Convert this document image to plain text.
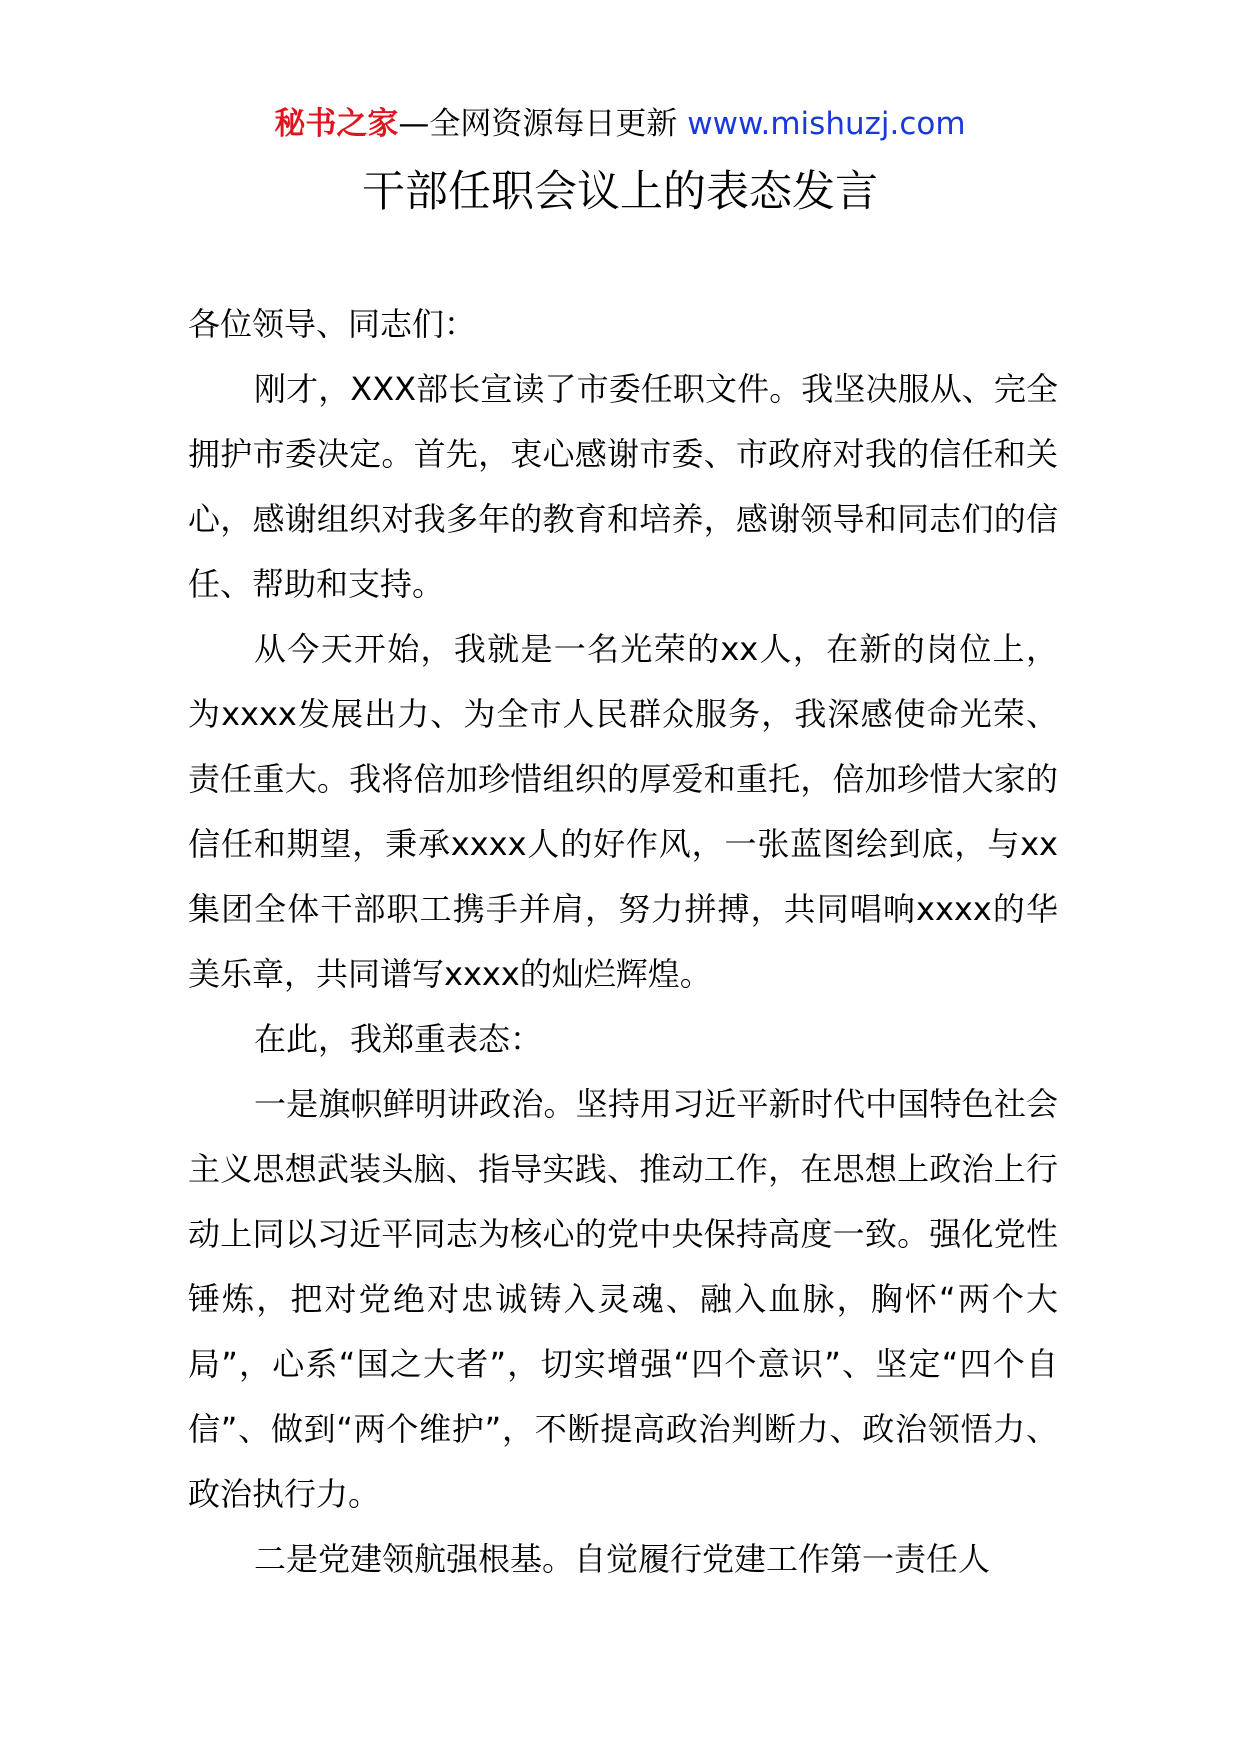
秘书之家—全网资源每日更新 www.mishuzj.com
干部任职会议上的表态发言

各位领导、同志们：

刚才，XXX部长宣读了市委任职文件。我坚决服从、完全拥护市委决定。首先，衷心感谢市委、市政府对我的信任和关心，感谢组织对我多年的教育和培养，感谢领导和同志们的信任、帮助和支持。

从今天开始，我就是一名光荣的xx人，在新的岗位上，为xxxx发展出力、为全市人民群众服务，我深感使命光荣、责任重大。我将倍加珍惜组织的厚爱和重托，倍加珍惜大家的信任和期望，秉承xxxx人的好作风，一张蓝图绘到底，与xx集团全体干部职工携手并肩，努力拼搏，共同唱响xxxx的华美乐章，共同谱写xxxx的灿烂辉煌。

在此，我郑重表态：

一是旗帜鲜明讲政治。坚持用习近平新时代中国特色社会主义思想武装头脑、指导实践、推动工作，在思想上政治上行动上同以习近平同志为核心的党中央保持高度一致。强化党性锤炼，把对党绝对忠诚铸入灵魂、融入血脉，胸怀“两个大局”，心系“国之大者”，切实增强“四个意识”、坚定“四个自信”、做到“两个维护”，不断提高政治判断力、政治领悟力、政治执行力。

二是党建领航强根基。自觉履行党建工作第一责任人
